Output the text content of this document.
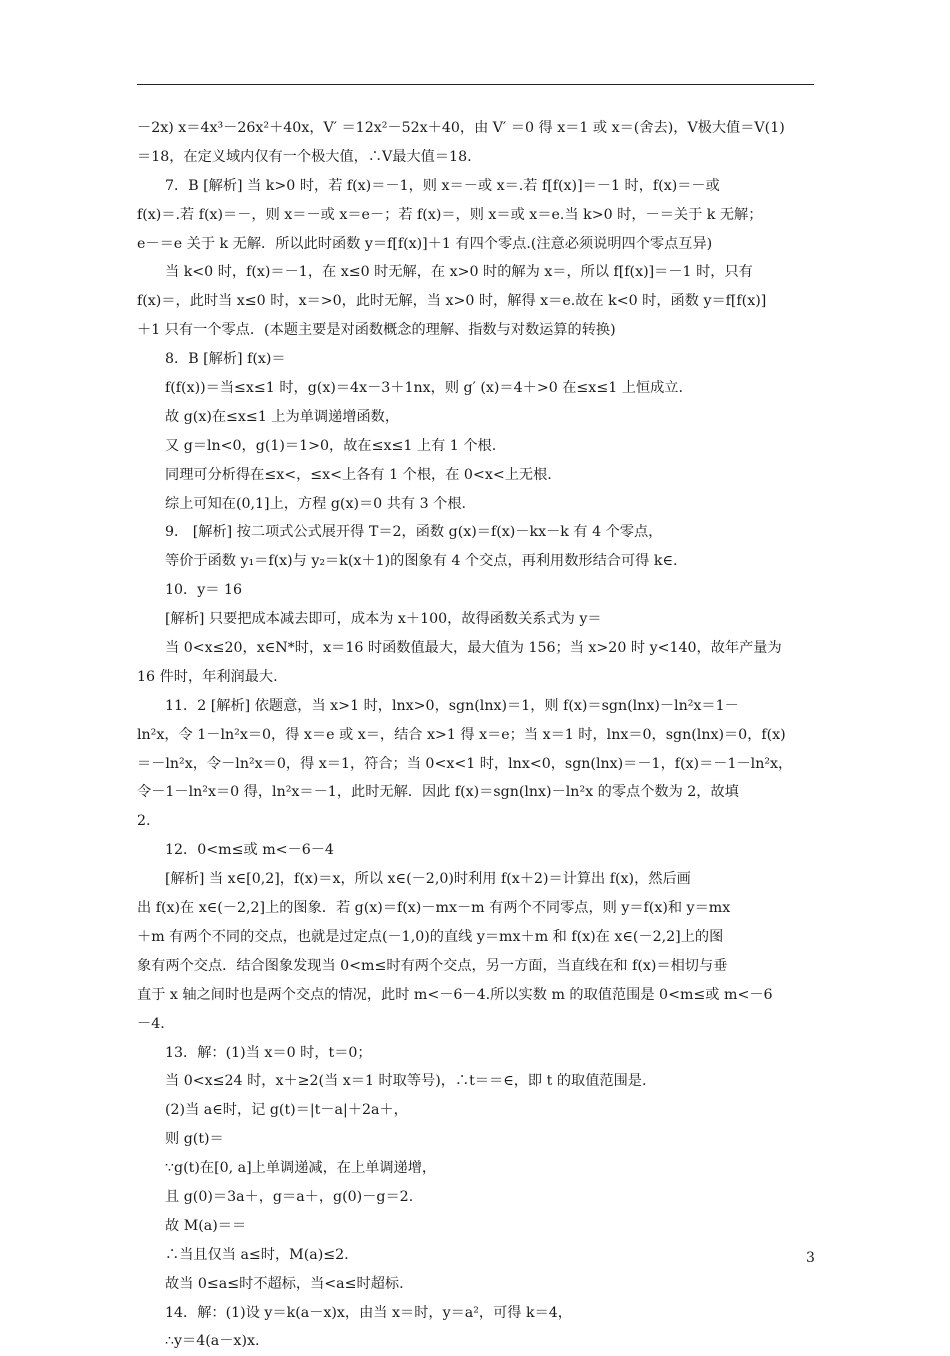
－2x) x＝4x³－26x²＋40x，V′ ＝12x²－52x＋40，由 V′ ＝0 得 x＝1 或 x＝(舍去)，V极大值＝V(1)
＝18，在定义域内仅有一个极大值，∴V最大值＝18.
7．B [解析] 当 k>0 时，若 f(x)＝－1，则 x＝－或 x＝.若 f[f(x)]＝－1 时，f(x)＝－或
f(x)＝.若 f(x)＝－，则 x＝－或 x＝e－；若 f(x)＝，则 x＝或 x＝e.当 k>0 时，－＝关于 k 无解；
e－＝e 关于 k 无解．所以此时函数 y＝f[f(x)]＋1 有四个零点.(注意必须说明四个零点互异)
当 k<0 时，f(x)＝－1，在 x≤0 时无解，在 x>0 时的解为 x＝，所以 f[f(x)]＝－1 时，只有
f(x)＝，此时当 x≤0 时，x＝>0，此时无解，当 x>0 时，解得 x＝e.故在 k<0 时，函数 y＝f[f(x)]
＋1 只有一个零点．(本题主要是对函数概念的理解、指数与对数运算的转换)
8．B [解析] f(x)＝
f(f(x))＝当≤x≤1 时，g(x)＝4x－3＋1nx，则 g′ (x)＝4＋>0 在≤x≤1 上恒成立.
故 g(x)在≤x≤1 上为单调递增函数，
又 g＝ln<0，g(1)＝1>0，故在≤x≤1 上有 1 个根.
同理可分析得在≤x<，≤x<上各有 1 个根，在 0<x<上无根.
综上可知在(0,1]上，方程 g(x)＝0 共有 3 个根.
9． [解析] 按二项式公式展开得 T＝2，函数 g(x)＝f(x)－kx－k 有 4 个零点，
等价于函数 y₁＝f(x)与 y₂＝k(x＋1)的图象有 4 个交点，再利用数形结合可得 k∈.
10．y＝ 16
[解析] 只要把成本减去即可，成本为 x＋100，故得函数关系式为 y＝
当 0<x≤20，x∈N*时，x＝16 时函数值最大，最大值为 156；当 x>20 时 y<140，故年产量为
16 件时，年利润最大.
11．2 [解析] 依题意，当 x>1 时，lnx>0，sgn(lnx)＝1，则 f(x)＝sgn(lnx)－ln²x＝1－
ln²x，令 1－ln²x＝0，得 x＝e 或 x＝，结合 x>1 得 x＝e；当 x＝1 时，lnx＝0，sgn(lnx)＝0，f(x)
＝－ln²x，令－ln²x＝0，得 x＝1，符合；当 0<x<1 时，lnx<0，sgn(lnx)＝－1，f(x)＝－1－ln²x，
令－1－ln²x＝0 得，ln²x＝－1，此时无解．因此 f(x)＝sgn(lnx)－ln²x 的零点个数为 2，故填
2.
12．0<m≤或 m<－6－4
[解析] 当 x∈[0,2]，f(x)＝x，所以 x∈(－2,0)时利用 f(x＋2)＝计算出 f(x)，然后画
出 f(x)在 x∈(－2,2]上的图象．若 g(x)＝f(x)－mx－m 有两个不同零点，则 y＝f(x)和 y＝mx
＋m 有两个不同的交点，也就是过定点(－1,0)的直线 y＝mx＋m 和 f(x)在 x∈(－2,2]上的图
象有两个交点．结合图象发现当 0<m≤时有两个交点，另一方面，当直线在和 f(x)＝相切与垂
直于 x 轴之间时也是两个交点的情况，此时 m<－6－4.所以实数 m 的取值范围是 0<m≤或 m<－6
－4.
13．解：(1)当 x＝0 时，t＝0；
当 0<x≤24 时，x＋≥2(当 x＝1 时取等号)，∴t＝＝∈，即 t 的取值范围是.
(2)当 a∈时，记 g(t)＝|t－a|＋2a＋，
则 g(t)＝
∵g(t)在[0, a]上单调递减，在上单调递增，
且 g(0)＝3a＋，g＝a＋，g(0)－g＝2.
故 M(a)＝＝
∴当且仅当 a≤时，M(a)≤2.
故当 0≤a≤时不超标，当<a≤时超标.
14．解：(1)设 y＝k(a－x)x，由当 x＝时，y＝a²，可得 k＝4，
∴y＝4(a－x)x.
3
